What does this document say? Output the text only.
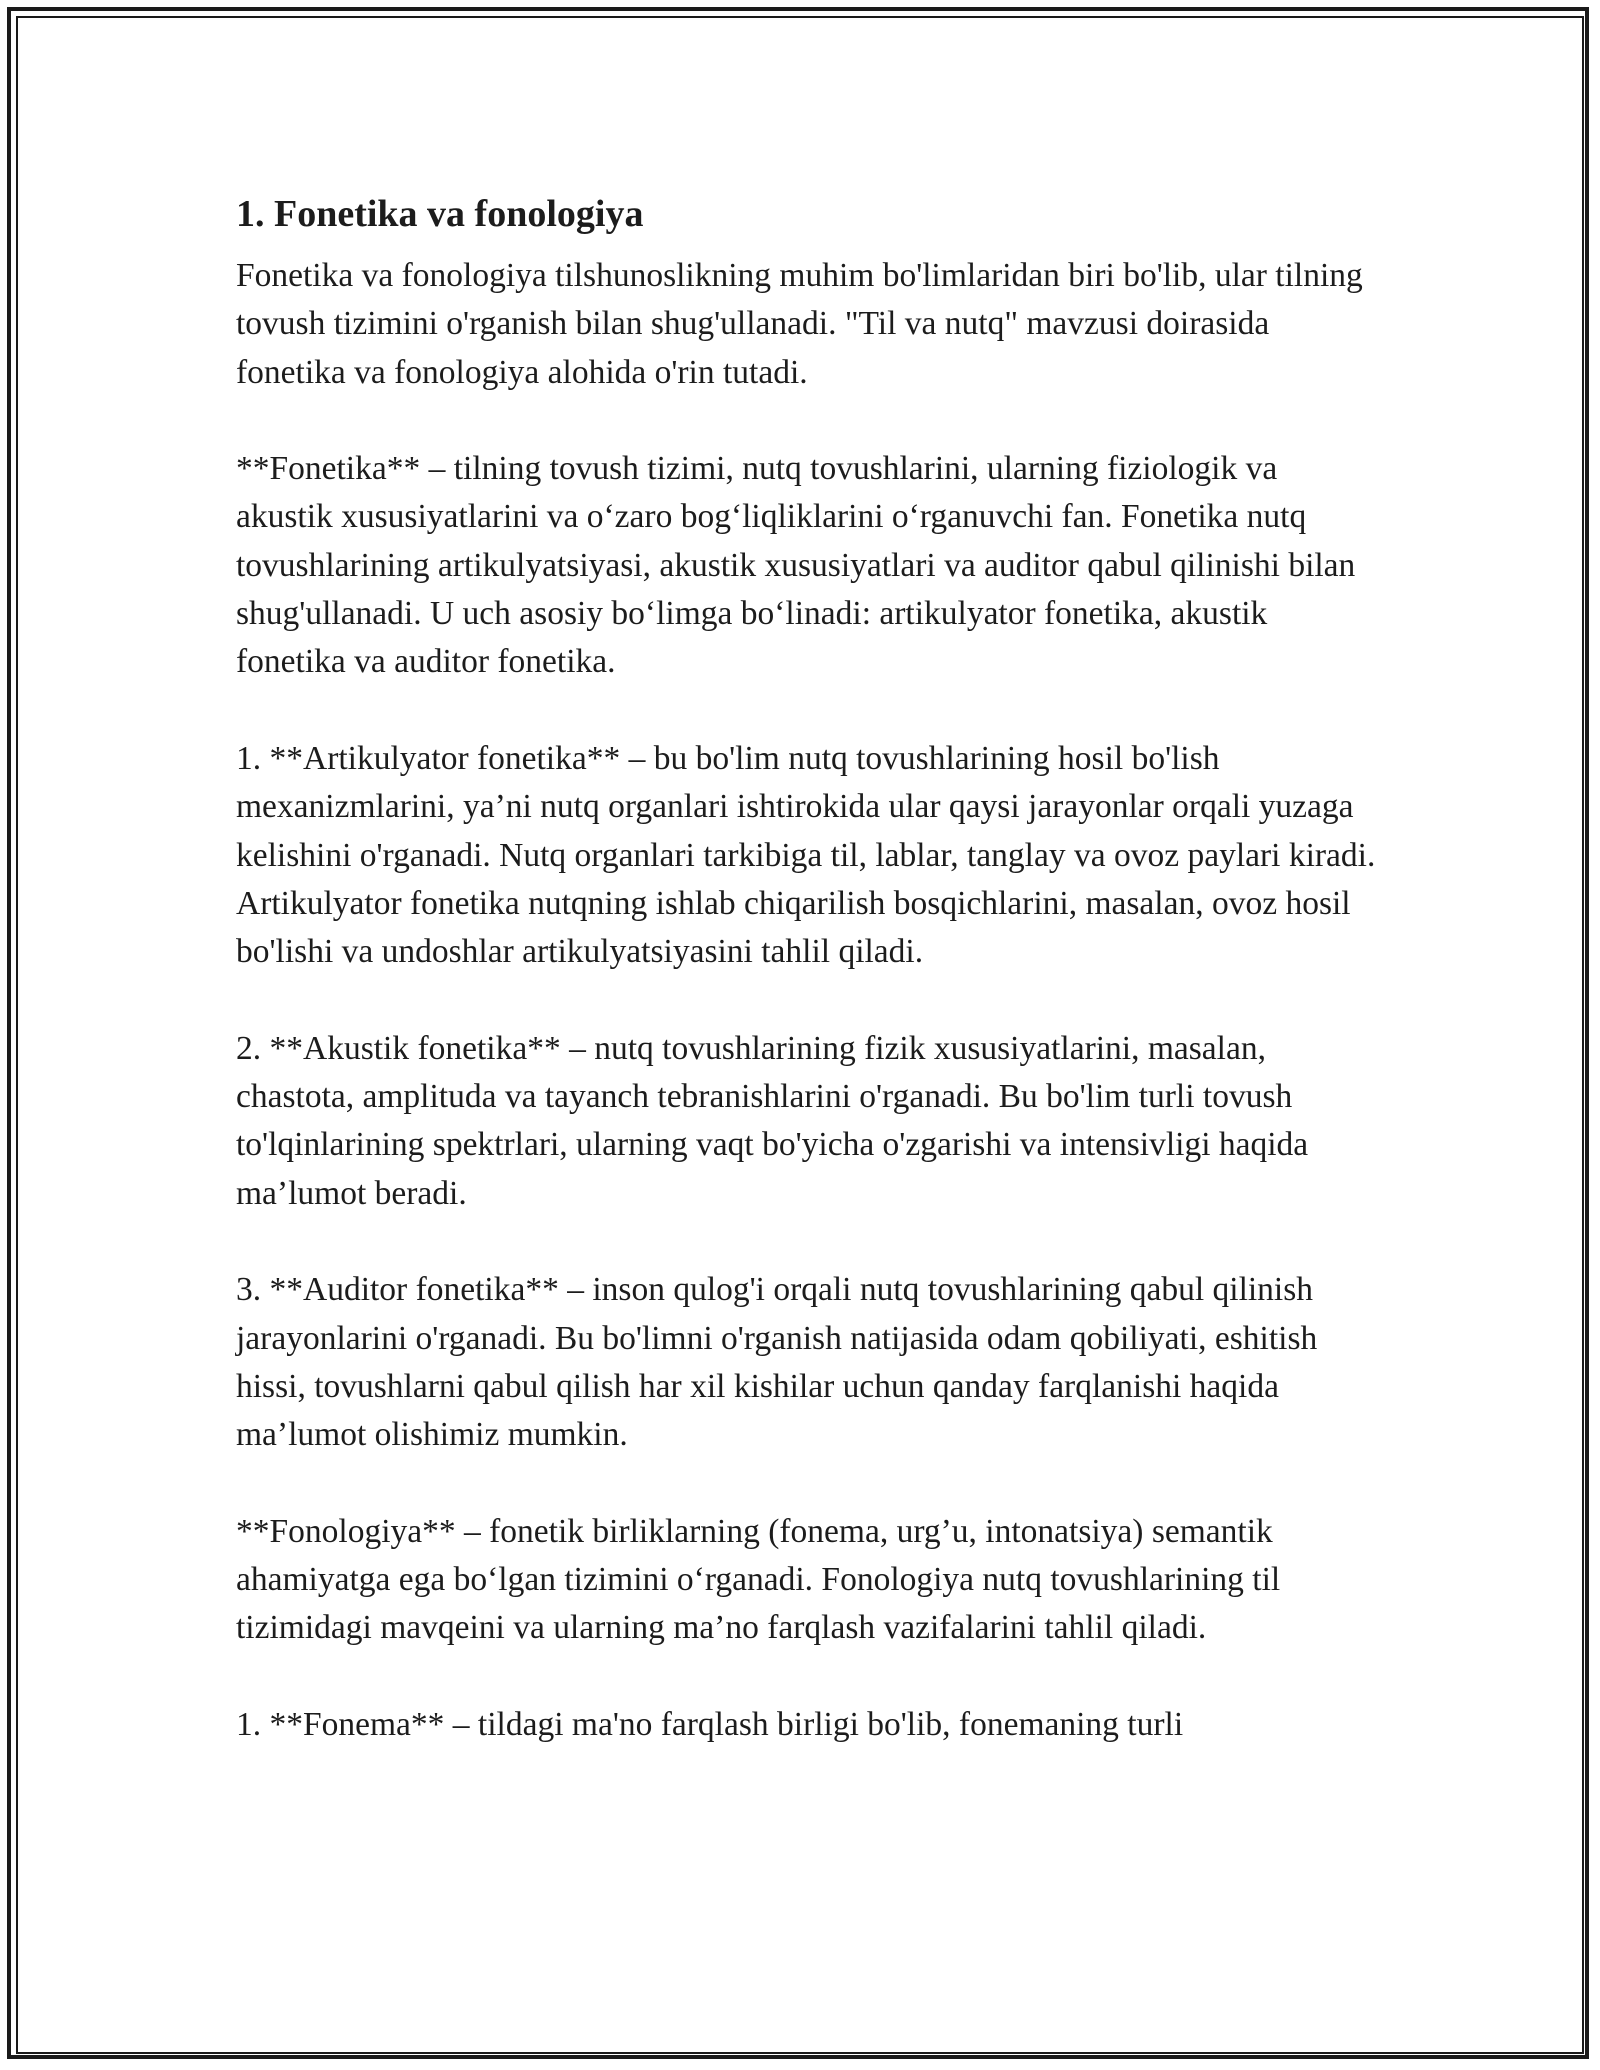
1. Fonetika va fonologiya

Fonetika va fonologiya tilshunoslikning muhim bo'limlaridan biri bo'lib, ular tilning tovush tizimini o'rganish bilan shug'ullanadi. "Til va nutq" mavzusi doirasida fonetika va fonologiya alohida o'rin tutadi.

**Fonetika** – tilning tovush tizimi, nutq tovushlarini, ularning fiziologik va akustik xususiyatlarini va o‘zaro bog‘liqliklarini o‘rganuvchi fan. Fonetika nutq tovushlarining artikulyatsiyasi, akustik xususiyatlari va auditor qabul qilinishi bilan shug'ullanadi. U uch asosiy bo‘limga bo‘linadi: artikulyator fonetika, akustik fonetika va auditor fonetika.

1. **Artikulyator fonetika** – bu bo'lim nutq tovushlarining hosil bo'lish mexanizmlarini, ya’ni nutq organlari ishtirokida ular qaysi jarayonlar orqali yuzaga kelishini o'rganadi. Nutq organlari tarkibiga til, lablar, tanglay va ovoz paylari kiradi. Artikulyator fonetika nutqning ishlab chiqarilish bosqichlarini, masalan, ovoz hosil bo'lishi va undoshlar artikulyatsiyasini tahlil qiladi.

2. **Akustik fonetika** – nutq tovushlarining fizik xususiyatlarini, masalan, chastota, amplituda va tayanch tebranishlarini o'rganadi. Bu bo'lim turli tovush to'lqinlarining spektrlari, ularning vaqt bo'yicha o'zgarishi va intensivligi haqida ma’lumot beradi.

3. **Auditor fonetika** – inson qulog'i orqali nutq tovushlarining qabul qilinish jarayonlarini o'rganadi. Bu bo'limni o'rganish natijasida odam qobiliyati, eshitish hissi, tovushlarni qabul qilish har xil kishilar uchun qanday farqlanishi haqida ma’lumot olishimiz mumkin.

**Fonologiya** – fonetik birliklarning (fonema, urg’u, intonatsiya) semantik ahamiyatga ega bo‘lgan tizimini o‘rganadi. Fonologiya nutq tovushlarining til tizimidagi mavqeini va ularning ma’no farqlash vazifalarini tahlil qiladi.

1. **Fonema** – tildagi ma'no farqlash birligi bo'lib, fonemaning turli
